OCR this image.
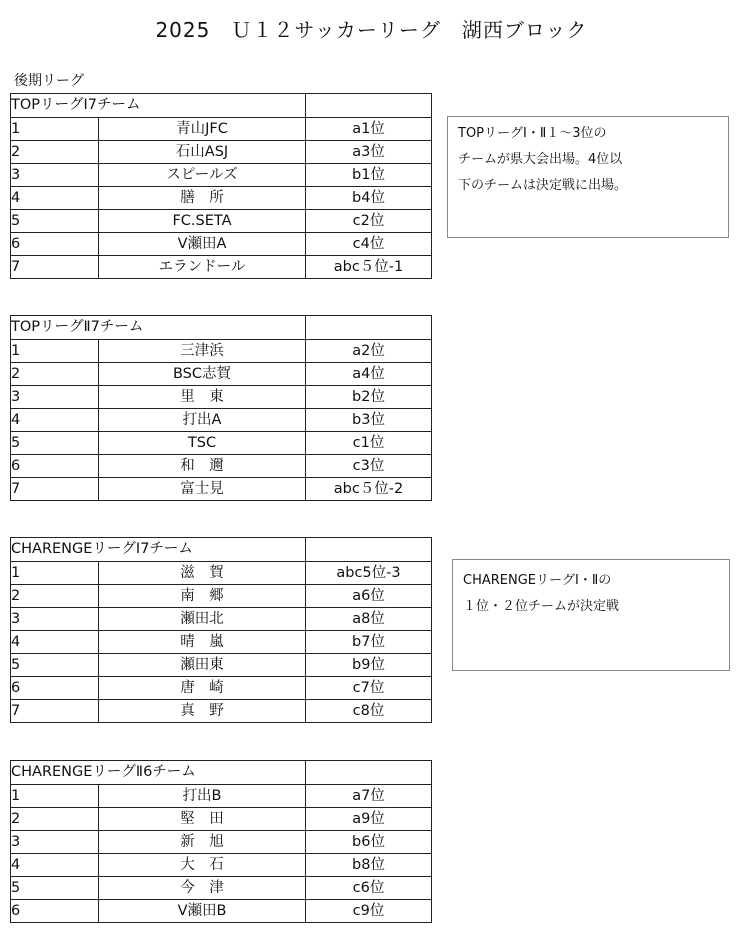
2025　Ｕ１２サッカーリーグ　湖西ブロック
後期リーグ
TOPリーグⅠ7チーム		
1	青山JFC	a1位
2	石山ASJ	a3位
3	スピールズ	b1位
4	膳　所	b4位
5	FC.SETA	c2位
6	V瀬田A	c4位
7	エランドール	abc５位-1
TOPリーグⅡ7チーム		
1	三津浜	a2位
2	BSC志賀	a4位
3	里　東	b2位
4	打出A	b3位
5	TSC	c1位
6	和　邇	c3位
7	富士見	abc５位-2
CHARENGEリーグⅠ7チーム		
1	滋　賀	abc5位-3
2	南　郷	a6位
3	瀬田北	a8位
4	晴　嵐	b7位
5	瀬田東	b9位
6	唐　崎	c7位
7	真　野	c8位
CHARENGEリーグⅡ6チーム		
1	打出B	a7位
2	堅　田	a9位
3	新　旭	b6位
4	大　石	b8位
5	今　津	c6位
6	V瀬田B	c9位
TOPリーグⅠ・Ⅱ１～3位の
チームが県大会出場。4位以
下のチームは決定戦に出場。
CHARENGEリーグⅠ・Ⅱの
１位・２位チームが決定戦
